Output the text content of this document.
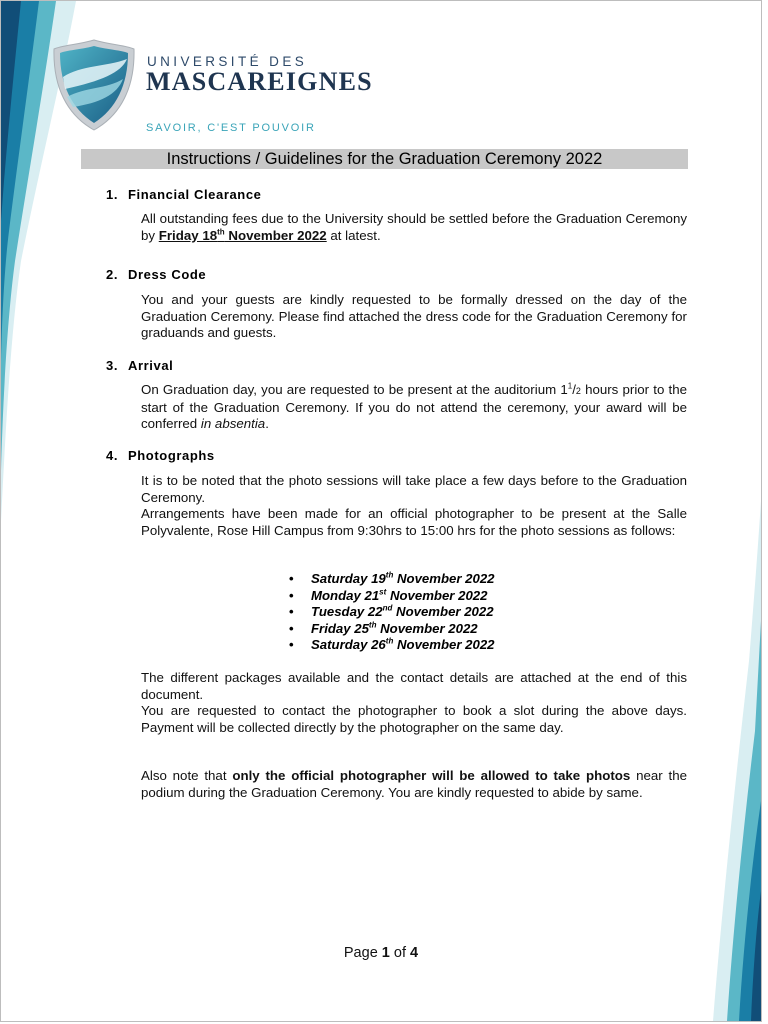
UNIVERSITÉ DES
MASCAREIGNES
SAVOIR, C'EST POUVOIR
Instructions / Guidelines for the Graduation Ceremony 2022
1. Financial Clearance
All outstanding fees due to the University should be settled before the Graduation Ceremony by Friday 18th November 2022 at latest.
2. Dress Code
You and your guests are kindly requested to be formally dressed on the day of the Graduation Ceremony. Please find attached the dress code for the Graduation Ceremony for graduands and guests.
3. Arrival
On Graduation day, you are requested to be present at the auditorium $1^1/2$ hours prior to the start of the Graduation Ceremony. If you do not attend the ceremony, your award will be conferred in absentia.
4. Photographs

It is to be noted that the photo sessions will take place a few days before to the Graduation Ceremony.

Arrangements have been made for an official photographer to be present at the Salle Polyvalente, Rose Hill Campus from 9:30hrs to 15:00 hrs for the photo sessions as follows:

• Saturday 19th November 2022
• Monday 21st November 2022
• Tuesday 22nd November 2022
• Friday 25th November 2022
• Saturday 26th November 2022

The different packages available and the contact details are attached at the end of this document.

You are requested to contact the photographer to book a slot during the above days. Payment will be collected directly by the photographer on the same day.

Also note that only the official photographer will be allowed to take photos near the podium during the Graduation Ceremony. You are kindly requested to abide by same.
Page 1 of 4
